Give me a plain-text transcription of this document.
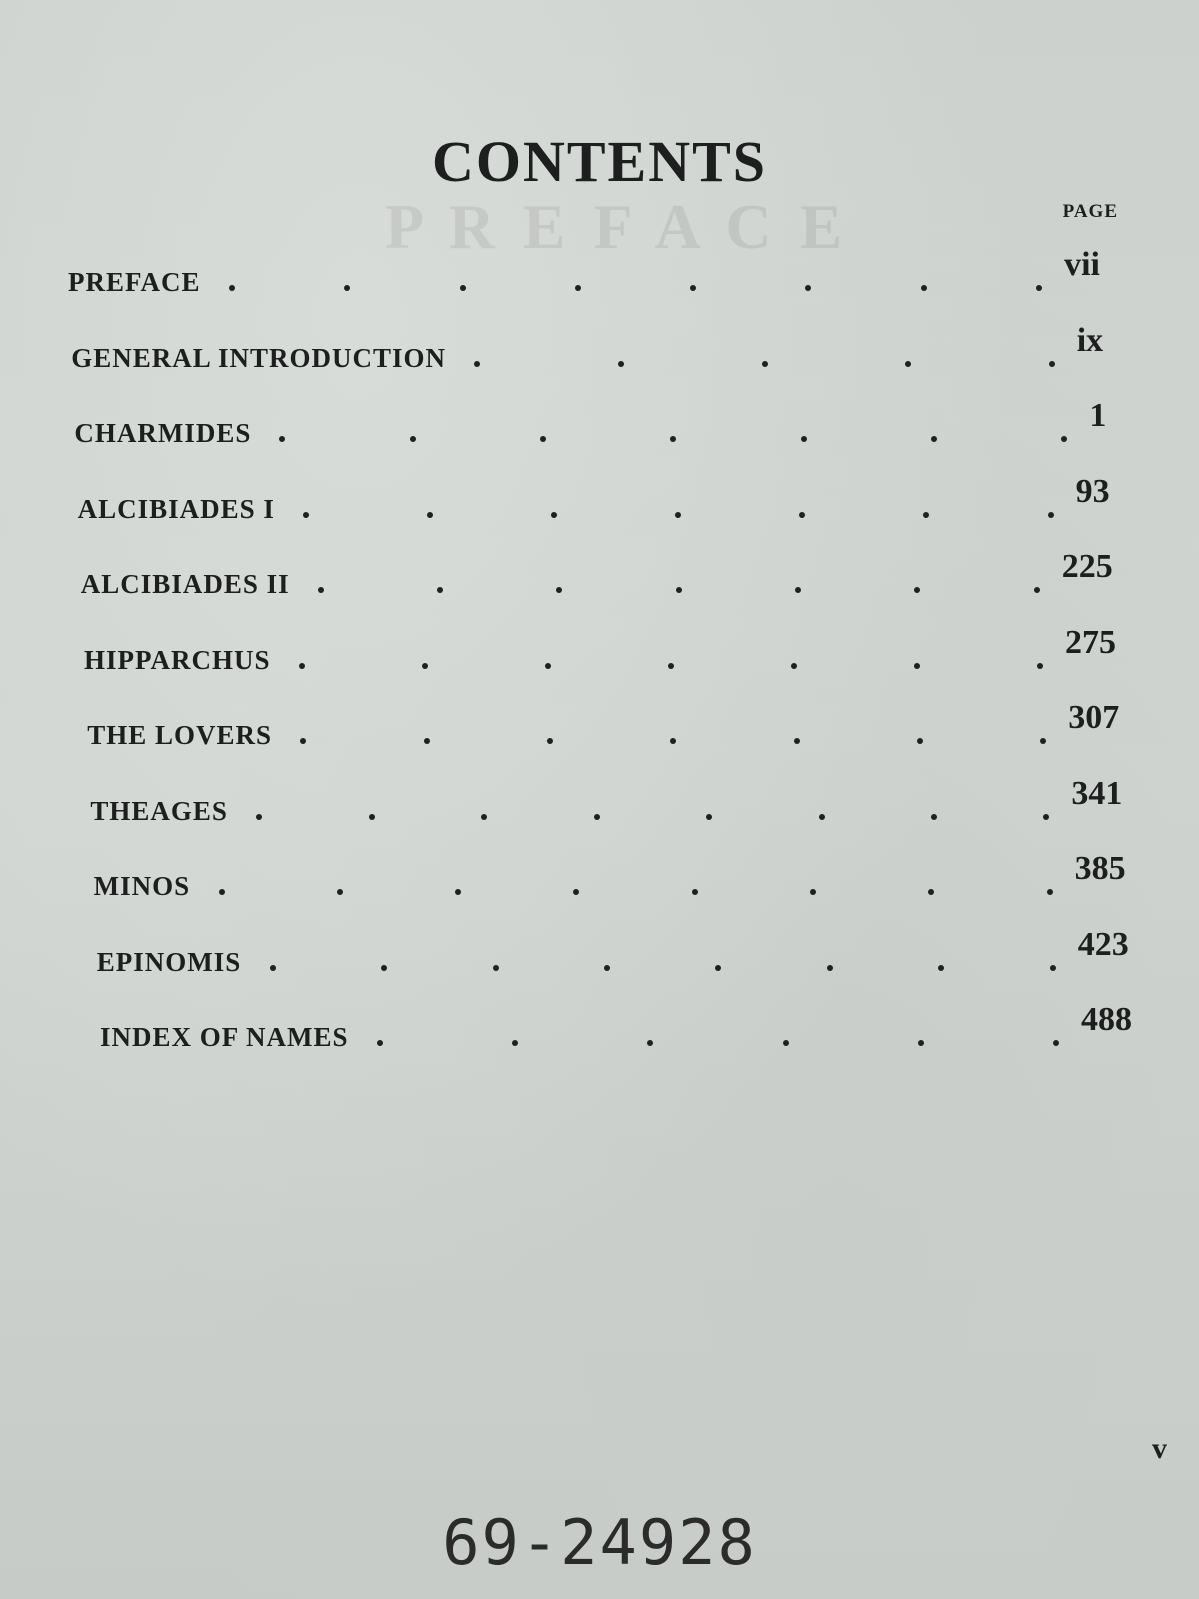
P R E F A C E
CONTENTS
PAGE
PREFACE	vii
GENERAL INTRODUCTION	ix
CHARMIDES	1
ALCIBIADES I	93
ALCIBIADES II	225
HIPPARCHUS	275
THE LOVERS	307
THEAGES	341
MINOS	385
EPINOMIS	423
INDEX OF NAMES	488
v
69-24928
